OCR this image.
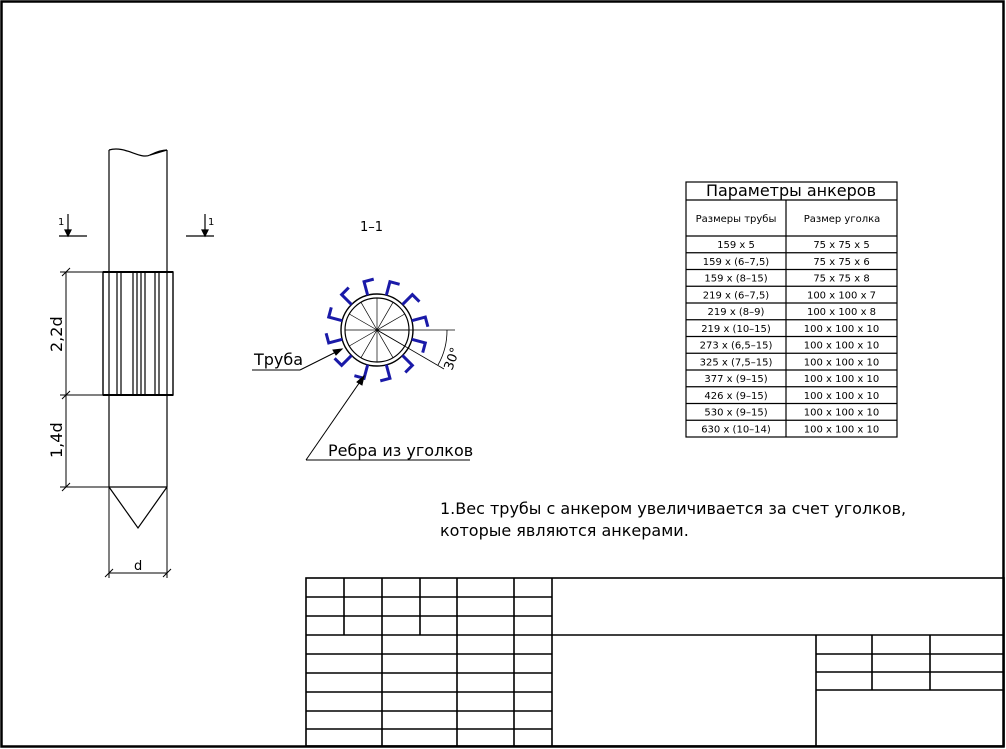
1	1
2,2d
1,4d
d
1–1
30°
Труба
Ребра из уголков
Параметры анкеров
Размеры трубы	Размер уголка
159 x 5	75 x 75 x 5
159 x (6–7,5)	75 x 75 x 6
159 x (8–15)	75 x 75 x 8
219 x (6–7,5)	100 x 100 x 7
219 x (8–9)	100 x 100 x 8
219 x (10–15)	100 x 100 x 10
273 x (6,5–15)	100 x 100 x 10
325 x (7,5–15)	100 x 100 x 10
377 x (9–15)	100 x 100 x 10
426 x (9–15)	100 x 100 x 10
530 x (9–15)	100 x 100 x 10
630 x (10–14)	100 x 100 x 10
1.Вес трубы с анкером увеличивается за счет уголков,
которые являются анкерами.
